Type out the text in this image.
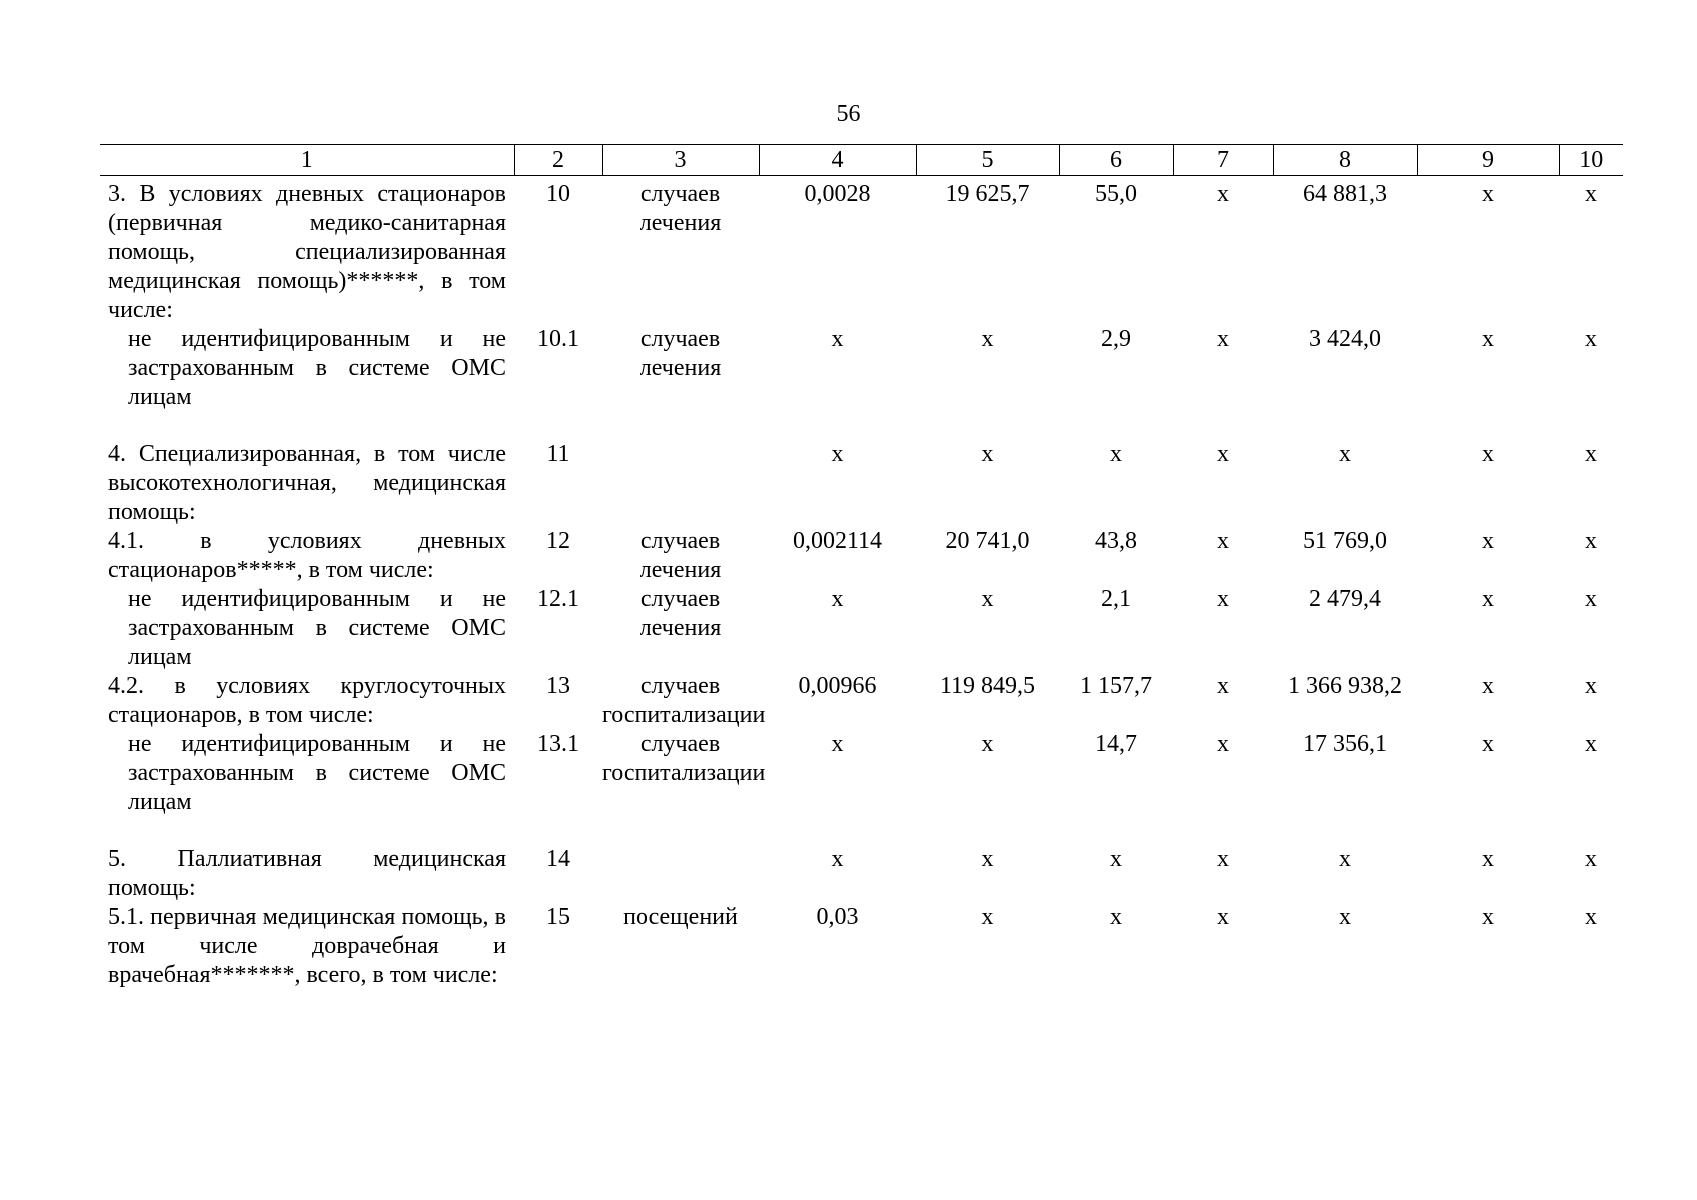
56
1	2	3	4	5	6	7	8	9	10
3. В условиях дневных стационаров (первичная медико-санитарная помощь, специализированная медицинская помощь)******, в том числе:	10	случаев лечения	0,0028	19 625,7	55,0	х	64 881,3	х	х
не идентифицированным и не застрахованным в системе ОМС лицам	10.1	случаев лечения	х	х	2,9	х	3 424,0	х	х
4. Специализированная, в том числе высокотехнологичная, медицинская помощь:	11		х	х	х	х	х	х	х
4.1. в условиях дневных стационаров*****, в том числе:	12	случаев лечения	0,002114	20 741,0	43,8	х	51 769,0	х	х
не идентифицированным и не застрахованным в системе ОМС лицам	12.1	случаев лечения	х	х	2,1	х	2 479,4	х	х
4.2. в условиях круглосуточных стационаров, в том числе:	13	случаев госпитализации	0,00966	119 849,5	1 157,7	х	1 366 938,2	х	х
не идентифицированным и не застрахованным в системе ОМС лицам	13.1	случаев госпитализации	х	х	14,7	х	17 356,1	х	х
5. Паллиативная медицинская помощь:	14		х	х	х	х	х	х	х
5.1. первичная медицинская помощь, в том числе доврачебная и врачебная*******, всего, в том числе:	15	посещений	0,03	х	х	х	х	х	х
